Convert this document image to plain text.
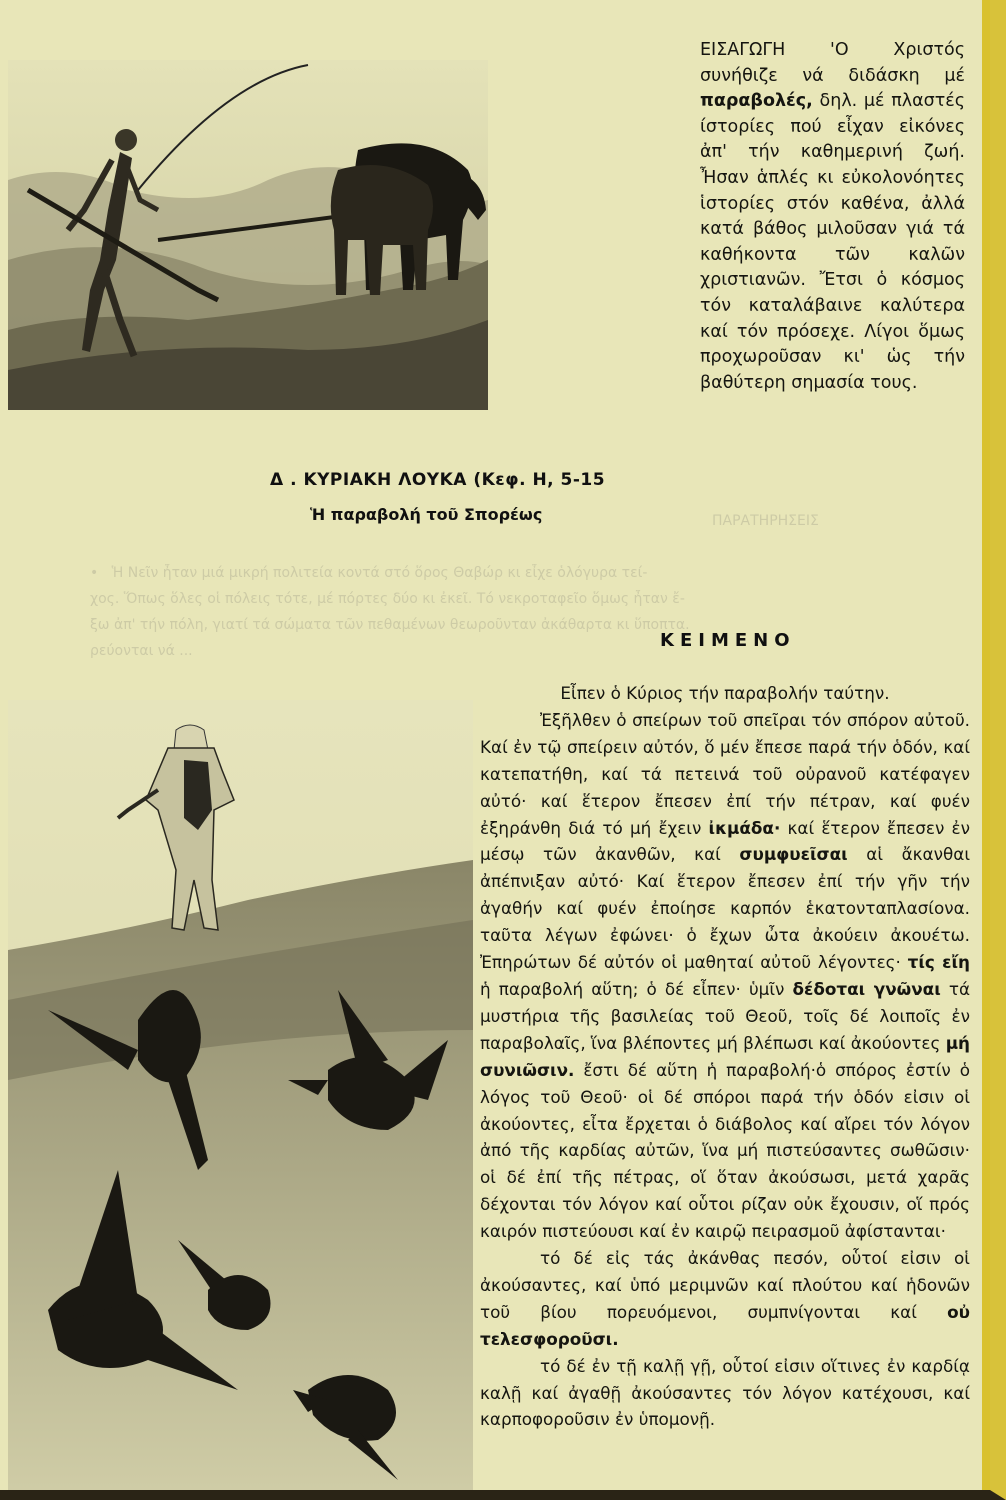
ΠΑΡΑΤΗΡΗΣΕΙΣ
•   Ἡ Νεῖν ἦταν μιά μικρή πολιτεία κοντά στό ὅρος Θαβώρ κι εἶχε ὁλόγυρα τεί-
χος. Ὅπως ὅλες οἱ πόλεις τότε, μέ πόρτες δύο κι ἐκεῖ. Τό νεκροταφεῖο ὅμως ἦταν ἔ-
ξω ἀπ' τήν πόλη, γιατί τά σώματα τῶν πεθαμένων θεωροῦνταν ἀκάθαρτα κι ὕποπτα.
ρεύονται νά ...
ΕΙΣΑΓΩΓΗ	'Ο Χριστός συνήθιζε νά διδάσκη μέ παραβολές, δηλ. μέ πλαστές ίστορίες πού εἶχαν εἰκόνες ἀπ' τήν καθημερινή ζωή. Ἦσαν ἁπλές κι εὐκολονόητες ἱστορίες στόν καθένα, ἀλλά κατά βάθος μιλοῦσαν γιά τά καθήκοντα τῶν καλῶν χριστιανῶν. Ἔτσι ὁ κόσμος τόν καταλάβαινε καλύτερα καί τόν πρόσεχε. Λίγοι ὅμως προχωροῦσαν κι' ὡς τήν βαθύτερη σημασία τους.
Δ . ΚΥΡΙΑΚΗ ΛΟΥΚΑ (Κεφ. Η, 5-15
Ἡ παραβολή τοῦ Σπορέως
ΚΕΙΜΕΝΟ

Εἶπεν ὁ Κύριος τήν παραβολήν ταύτην.

Ἐξῆλθεν ὁ σπείρων τοῦ σπεῖραι τόν σπόρον αὐτοῦ. Καί ἐν τῷ σπείρειν αὐτόν, ὅ μέν ἔπεσε παρά τήν ὁδόν, καί κατεπατήθη, καί τά πετεινά τοῦ οὐρανοῦ κατέφαγεν αὐτό· καί ἕτερον ἔπεσεν ἐπί τήν πέτραν, καί φυέν ἐξηράνθη διά τό μή ἔχειν ἰκμάδα· καί ἕτερον ἔπεσεν ἐν μέσῳ τῶν ἀκανθῶν, καί συμφυεῖσαι αἱ ἄκανθαι ἀπέπνιξαν αὐτό· Καί ἕτερον ἔπεσεν ἐπί τήν γῆν τήν ἀγαθήν καί φυέν ἐποίησε καρπόν ἑκατονταπλασίονα. ταῦτα λέγων ἐφώνει· ὁ ἔχων ὦτα ἀκούειν ἀκουέτω. Ἐπηρώτων δέ αὐτόν οἱ μαθηταί αὐτοῦ λέγοντες· τίς εἴη ἡ παραβολή αὕτη; ὁ δέ εἶπεν· ὑμῖν δέδοται γνῶναι τά μυστήρια τῆς βασιλείας τοῦ Θεοῦ, τοῖς δέ λοιποῖς ἐν παραβολαῖς, ἵνα βλέποντες μή βλέπωσι καί ἀκούοντες μή συνιῶσιν. ἔστι δέ αὕτη ἡ παραβολή·ὁ σπόρος ἐστίν ὁ λόγος τοῦ Θεοῦ· οἱ δέ σπόροι παρά τήν ὁδόν εἰσιν οἱ ἀκούοντες, εἶτα ἔρχεται ὁ διάβολος καί αἴρει τόν λόγον ἀπό τῆς καρδίας αὐτῶν, ἵνα μή πιστεύσαντες σωθῶσιν· οἱ δέ ἐπί τῆς πέτρας, οἵ ὅταν ἀκούσωσι, μετά χαρᾶς δέχονται τόν λόγον καί οὗτοι ρίζαν οὐκ ἔχουσιν, οἵ πρός καιρόν πιστεύουσι καί ἐν καιρῷ πειρασμοῦ ἀφίστανται·

τό δέ εἰς τάς ἀκάνθας πεσόν, οὗτοί εἰσιν οἱ ἀκούσαντες, καί ὑπό μεριμνῶν καί πλούτου καί ἡδονῶν τοῦ βίου πορευόμενοι, συμπνίγονται καί οὐ τελεσφοροῦσι.

τό δέ ἐν τῇ καλῇ γῇ, οὗτοί εἰσιν οἵτινες ἐν καρδίᾳ καλῇ καί ἀγαθῇ ἀκούσαντες τόν λόγον κατέχουσι, καί καρποφοροῦσιν ἐν ὑπομονῇ.
